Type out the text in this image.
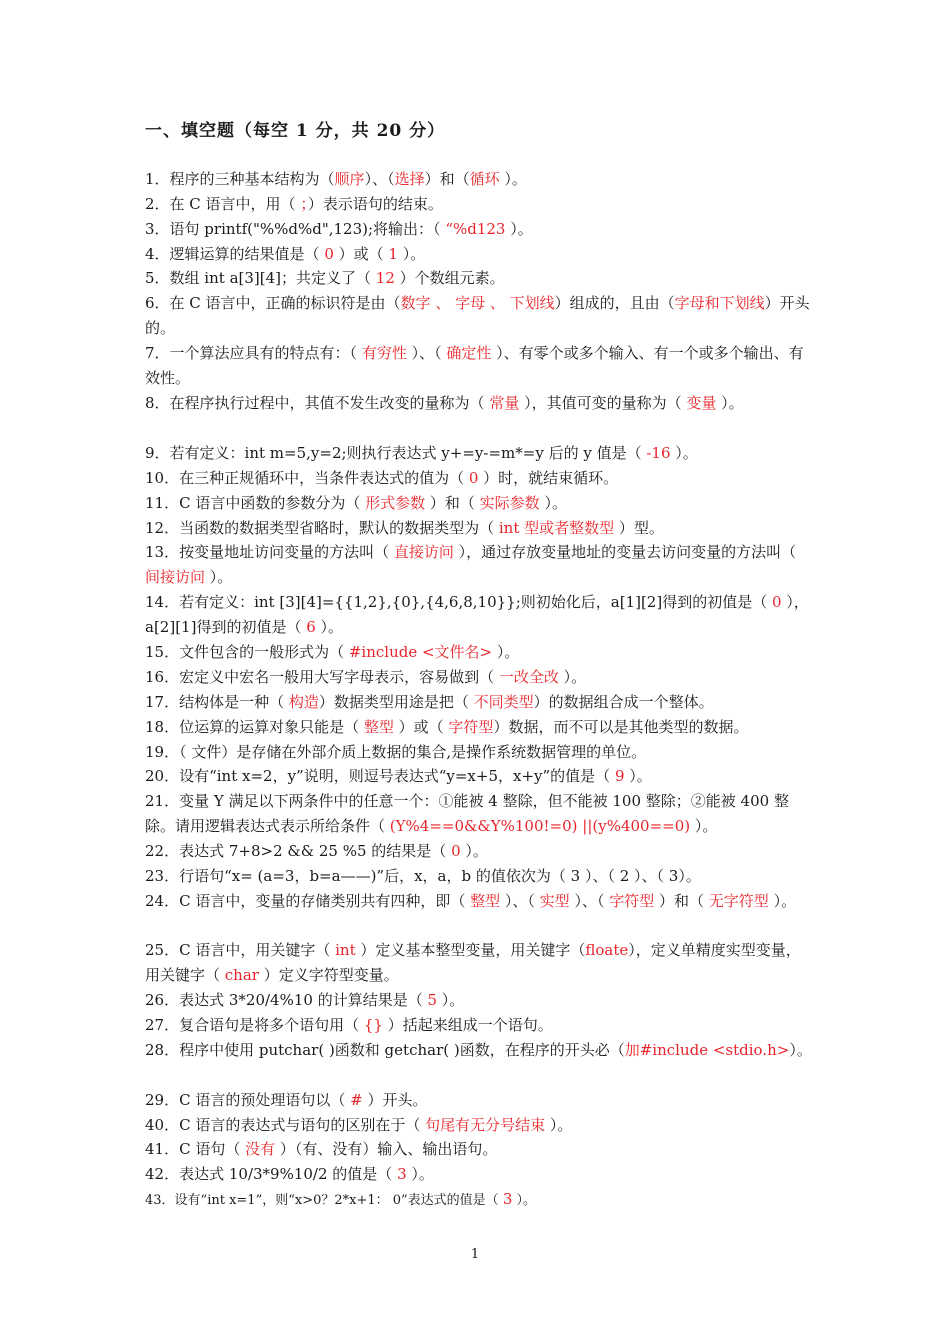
一、填空题（每空 1 分，共 20 分）
1．程序的三种基本结构为（顺序）、（选择）和（循环 ）。
2．在 C 语言中，用（ ；）表示语句的结束。
3．语句 printf("%%d%d",123);将输出：（ “%d123 ）。
4．逻辑运算的结果值是（ 0 ）或（ 1 ）。
5．数组 int a[3][4]；共定义了（ 12 ）个数组元素。
6．在 C 语言中，正确的标识符是由（数字 、 字母 、 下划线）组成的，且由（字母和下划线）开头的。
7．一个算法应具有的特点有：（ 有穷性 ）、（ 确定性 ）、有零个或多个输入、有一个或多个输出、有效性。
8．在程序执行过程中，其值不发生改变的量称为（ 常量 ），其值可变的量称为（ 变量 ）。
9．若有定义：int m=5,y=2;则执行表达式 y+=y-=m*=y 后的 y 值是（ -16 ）。
10．在三种正规循环中，当条件表达式的值为（ 0 ）时，就结束循环。
11．C 语言中函数的参数分为（ 形式参数 ）和（ 实际参数 ）。
12．当函数的数据类型省略时，默认的数据类型为（ int 型或者整数型 ）型。
13．按变量地址访问变量的方法叫（ 直接访问 ），通过存放变量地址的变量去访问变量的方法叫（ 间接访问 ）。
14．若有定义：int [3][4]={{1,2},{0},{4,6,8,10}};则初始化后，a[1][2]得到的初值是（ 0 ），a[2][1]得到的初值是（ 6 ）。
15．文件包含的一般形式为（ #include <文件名> ）。
16．宏定义中宏名一般用大写字母表示，容易做到（ 一改全改 ）。
17．结构体是一种（ 构造）数据类型用途是把（ 不同类型）的数据组合成一个整体。
18．位运算的运算对象只能是（ 整型 ）或（ 字符型）数据，而不可以是其他类型的数据。
19．（ 文件）是存储在外部介质上数据的集合,是操作系统数据管理的单位。
20．设有“int x=2，y”说明，则逗号表达式“y=x+5，x+y”的值是（ 9 ）。
21．变量 Y 满足以下两条件中的任意一个：①能被 4 整除，但不能被 100 整除；②能被 400 整除。请用逻辑表达式表示所给条件（ (Y%4==0&&Y%100!=0) ||(y%400==0) ）。
22．表达式 7+8>2 && 25 %5 的结果是（ 0 ）。
23．行语句“x= (a=3，b=a——)”后，x，a，b 的值依次为（ 3 ）、（ 2 ）、（ 3）。
24．C 语言中，变量的存储类别共有四种，即（ 整型 ）、（ 实型 ）、（ 字符型 ）和（ 无字符型 ）。
25．C 语言中，用关键字（ int ）定义基本整型变量，用关键字（floate），定义单精度实型变量，用关键字（ char ）定义字符型变量。
26．表达式 3*20/4%10 的计算结果是（ 5 ）。
27．复合语句是将多个语句用（ {} ）括起来组成一个语句。
28．程序中使用 putchar( )函数和 getchar( )函数，在程序的开头必（加#include <stdio.h>）。
29．C 语言的预处理语句以（ # ）开头。
40．C 语言的表达式与语句的区别在于（ 句尾有无分号结束 ）。
41．C 语句（ 没有 ）（有、没有）输入、输出语句。
42．表达式 10/3*9%10/2 的值是（ 3 ）。
43．设有“int x=1”，则“x>0？2*x+1： 0”表达式的值是（ 3 ）。
1
